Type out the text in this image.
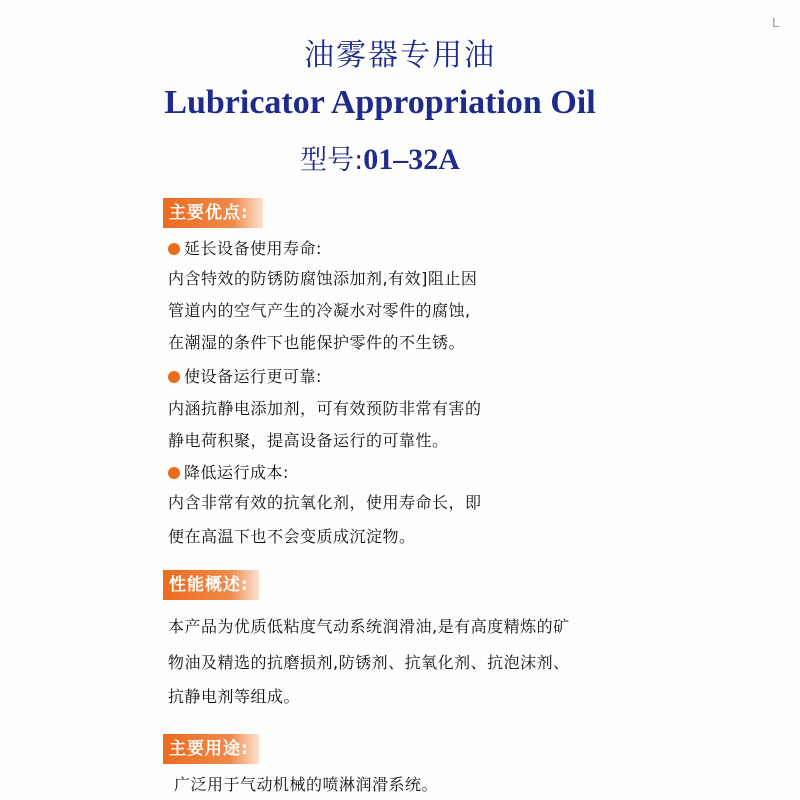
L
油雾器专用油
Lubricator Appropriation Oil
型号:01–32A
主要优点:
延长设备使用寿命:
内含特效的防锈防腐蚀添加剂,有效]阻止因
管道内的空气产生的冷凝水对零件的腐蚀,
在潮湿的条件下也能保护零件的不生锈。
使设备运行更可靠:
内涵抗静电添加剂，可有效预防非常有害的
静电荷积聚，提高设备运行的可靠性。
降低运行成本:
内含非常有效的抗氧化剂，使用寿命长，即
便在高温下也不会变质成沉淀物。
性能概述:
本产品为优质低粘度气动系统润滑油,是有高度精炼的矿
物油及精选的抗磨损剂,防锈剂、抗氧化剂、抗泡沫剂、
抗静电剂等组成。
主要用途:
广泛用于气动机械的喷淋润滑系统。
